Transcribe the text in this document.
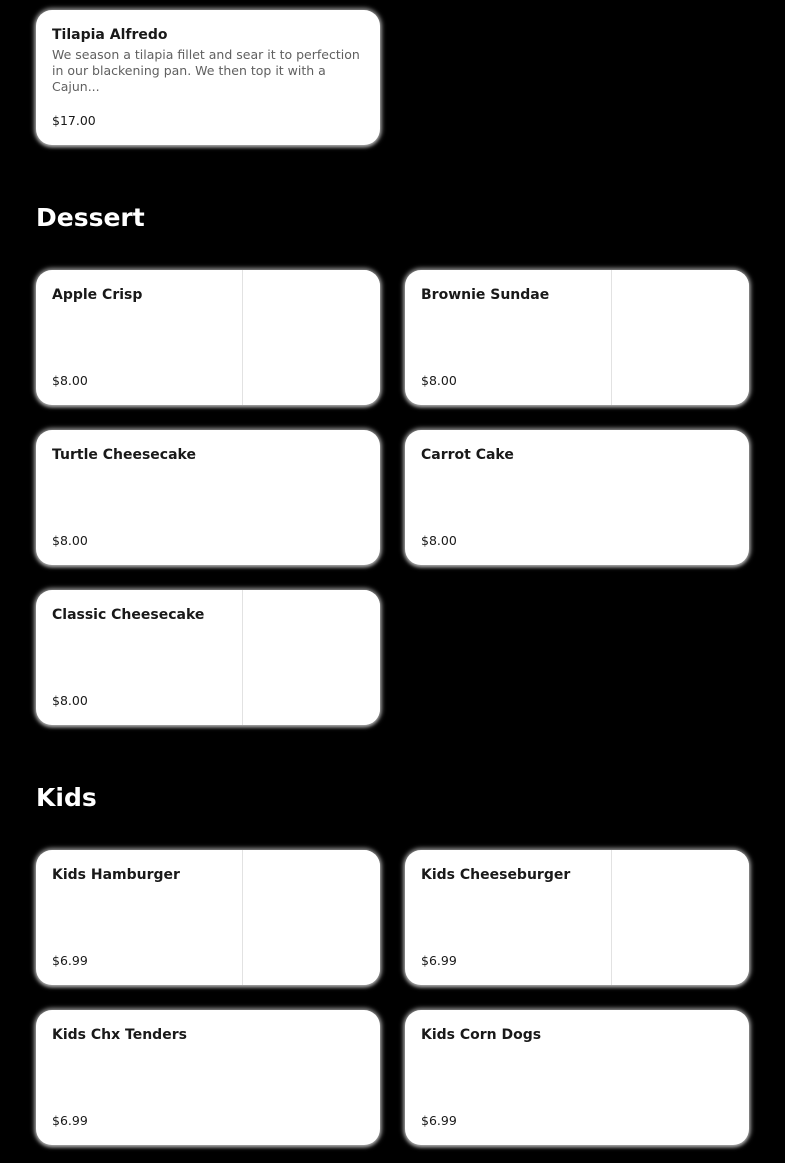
Tilapia Alfredo
We season a tilapia fillet and sear it to perfection in our blackening pan. We then top it with a Cajun...
$17.00
Dessert
Apple Crisp
$8.00
Brownie Sundae
$8.00
Turtle Cheesecake
$8.00
Carrot Cake
$8.00
Classic Cheesecake
$8.00
Kids
Kids Hamburger
$6.99
Kids Cheeseburger
$6.99
Kids Chx Tenders
$6.99
Kids Corn Dogs
$6.99
